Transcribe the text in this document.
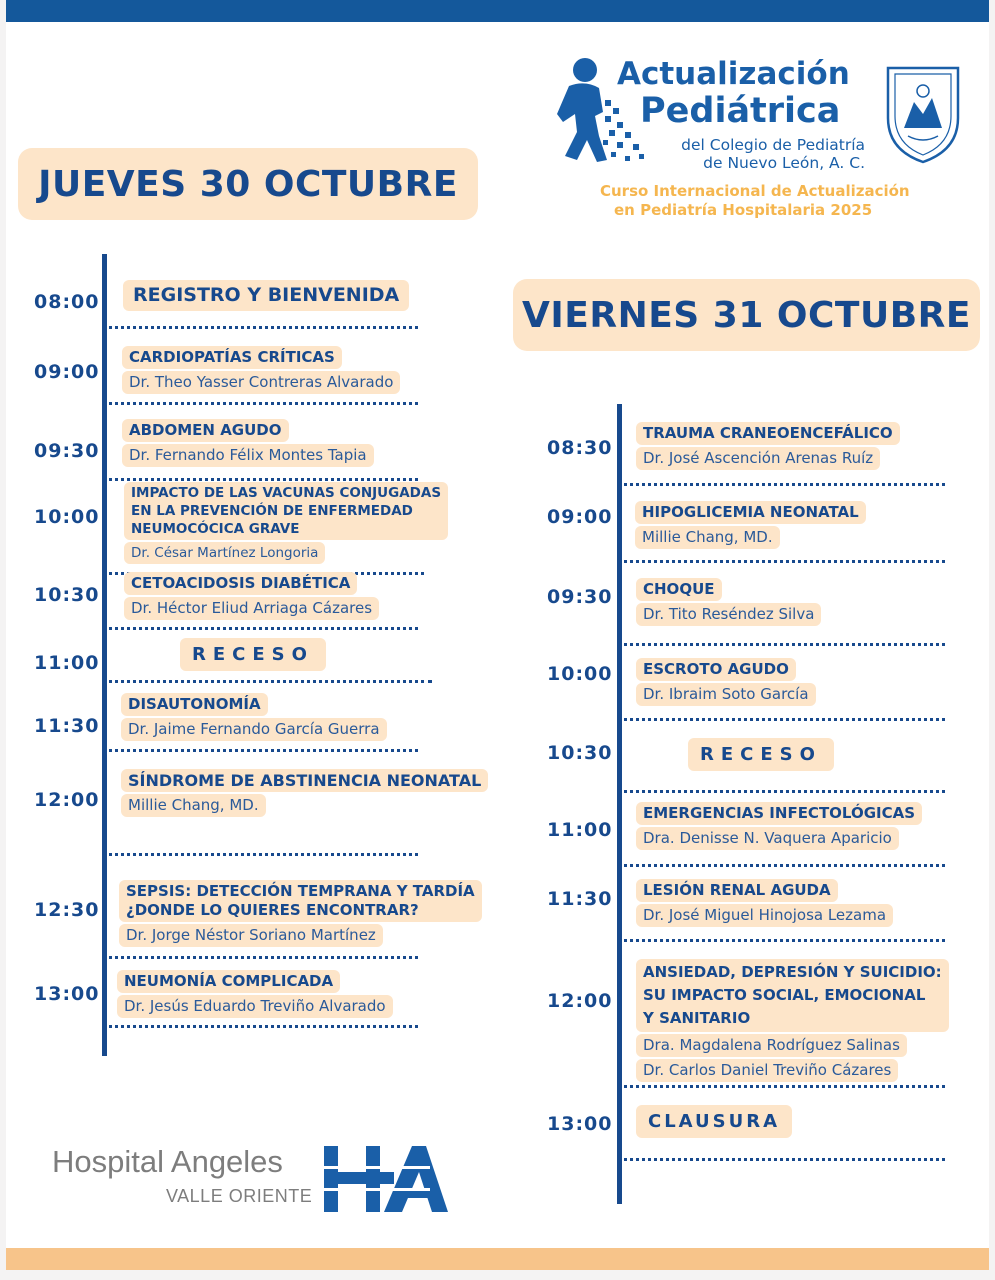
Actualización
Pediátrica
del Colegio de Pediatría
de Nuevo León, A. C.
Curso Internacional de Actualización
en Pediatría Hospitalaria 2025
JUEVES 30 OCTUBRE
08:00	REGISTRO Y BIENVENIDA
09:00
CARDIOPATÍAS CRÍTICAS
Dr. Theo Yasser Contreras Alvarado
09:30
ABDOMEN AGUDO
Dr. Fernando Félix Montes Tapia
10:00
IMPACTO DE LAS VACUNAS CONJUGADAS
EN LA PREVENCIÓN DE ENFERMEDAD
NEUMOCÓCICA GRAVE

Dr. César Martínez Longoria
10:30
CETOACIDOSIS DIABÉTICA
Dr. Héctor Eliud Arriaga Cázares
11:00	RECESO
11:30
DISAUTONOMÍA
Dr. Jaime Fernando García Guerra
12:00
SÍNDROME DE ABSTINENCIA NEONATAL
Millie Chang, MD.
12:30
SEPSIS: DETECCIÓN TEMPRANA Y TARDÍA
¿DONDE LO QUIERES ENCONTRAR?

Dr. Jorge Néstor Soriano Martínez
13:00
NEUMONÍA COMPLICADA
Dr. Jesús Eduardo Treviño Alvarado
VIERNES 31 OCTUBRE
08:30
TRAUMA CRANEOENCEFÁLICO
Dr. José Ascención Arenas Ruíz
09:00	HIPOGLICEMIA NEONATAL
Millie Chang, MD.
09:30	CHOQUE
Dr. Tito Reséndez Silva
10:00	ESCROTO AGUDO
Dr. Ibraim Soto García
10:30	RECESO
11:00
EMERGENCIAS INFECTOLÓGICAS
Dra. Denisse N. Vaquera Aparicio
11:30	LESIÓN RENAL AGUDA
Dr. José Miguel Hinojosa Lezama
12:00
ANSIEDAD, DEPRESIÓN Y SUICIDIO:
SU IMPACTO SOCIAL, EMOCIONAL
Y SANITARIO

Dra. Magdalena Rodríguez Salinas
Dr. Carlos Daniel Treviño Cázares
13:00	CLAUSURA
Hospital Angeles
VALLE ORIENTE
